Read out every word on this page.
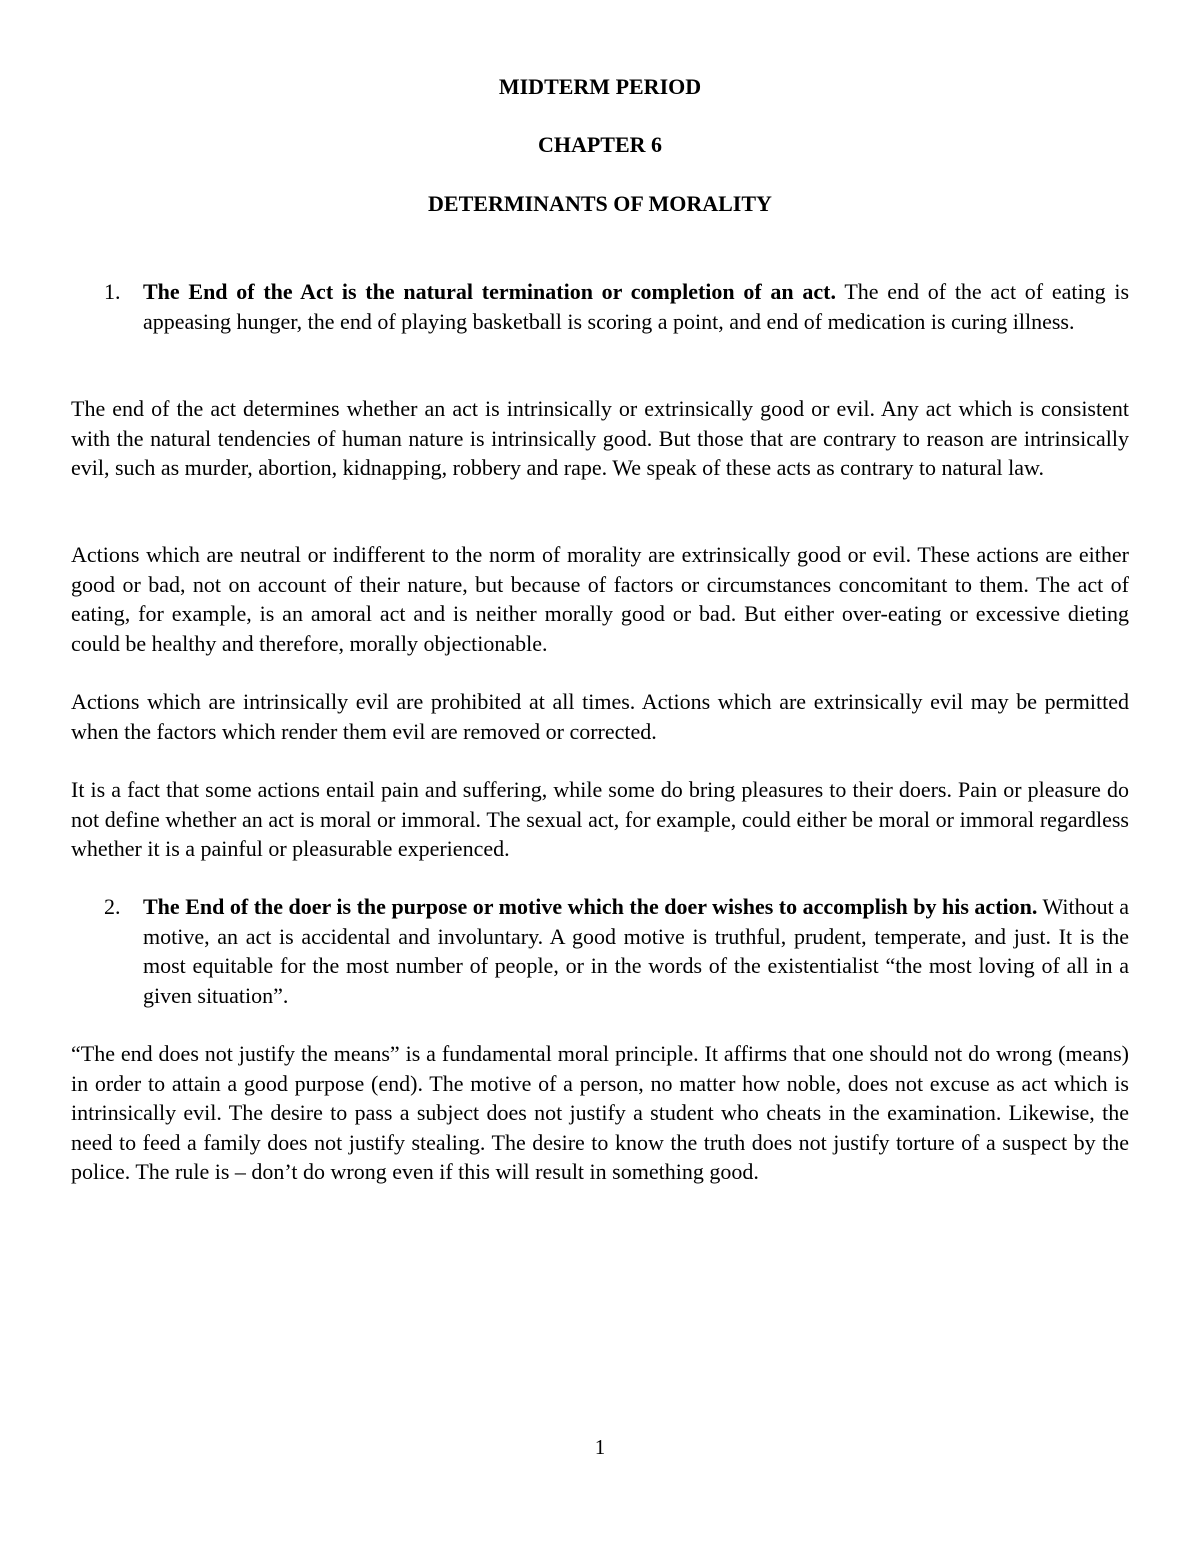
MIDTERM PERIOD
CHAPTER 6
DETERMINANTS OF MORALITY
1. The End of the Act is the natural termination or completion of an act. The end of the act of eating is appeasing hunger, the end of playing basketball is scoring a point, and end of medication is curing illness.
The end of the act determines whether an act is intrinsically or extrinsically good or evil. Any act which is consistent with the natural tendencies of human nature is intrinsically good. But those that are contrary to reason are intrinsically evil, such as murder, abortion, kidnapping, robbery and rape. We speak of these acts as contrary to natural law.
Actions which are neutral or indifferent to the norm of morality are extrinsically good or evil. These actions are either good or bad, not on account of their nature, but because of factors or circumstances concomitant to them. The act of eating, for example, is an amoral act and is neither morally good or bad. But either over-eating or excessive dieting could be healthy and therefore, morally objectionable.
Actions which are intrinsically evil are prohibited at all times. Actions which are extrinsically evil may be permitted when the factors which render them evil are removed or corrected.
It is a fact that some actions entail pain and suffering, while some do bring pleasures to their doers. Pain or pleasure do not define whether an act is moral or immoral. The sexual act, for example, could either be moral or immoral regardless whether it is a painful or pleasurable experienced.
2. The End of the doer is the purpose or motive which the doer wishes to accomplish by his action. Without a motive, an act is accidental and involuntary. A good motive is truthful, prudent, temperate, and just. It is the most equitable for the most number of people, or in the words of the existentialist “the most loving of all in a given situation”.
“The end does not justify the means” is a fundamental moral principle. It affirms that one should not do wrong (means) in order to attain a good purpose (end). The motive of a person, no matter how noble, does not excuse as act which is intrinsically evil. The desire to pass a subject does not justify a student who cheats in the examination. Likewise, the need to feed a family does not justify stealing. The desire to know the truth does not justify torture of a suspect by the police. The rule is – don’t do wrong even if this will result in something good.
1
